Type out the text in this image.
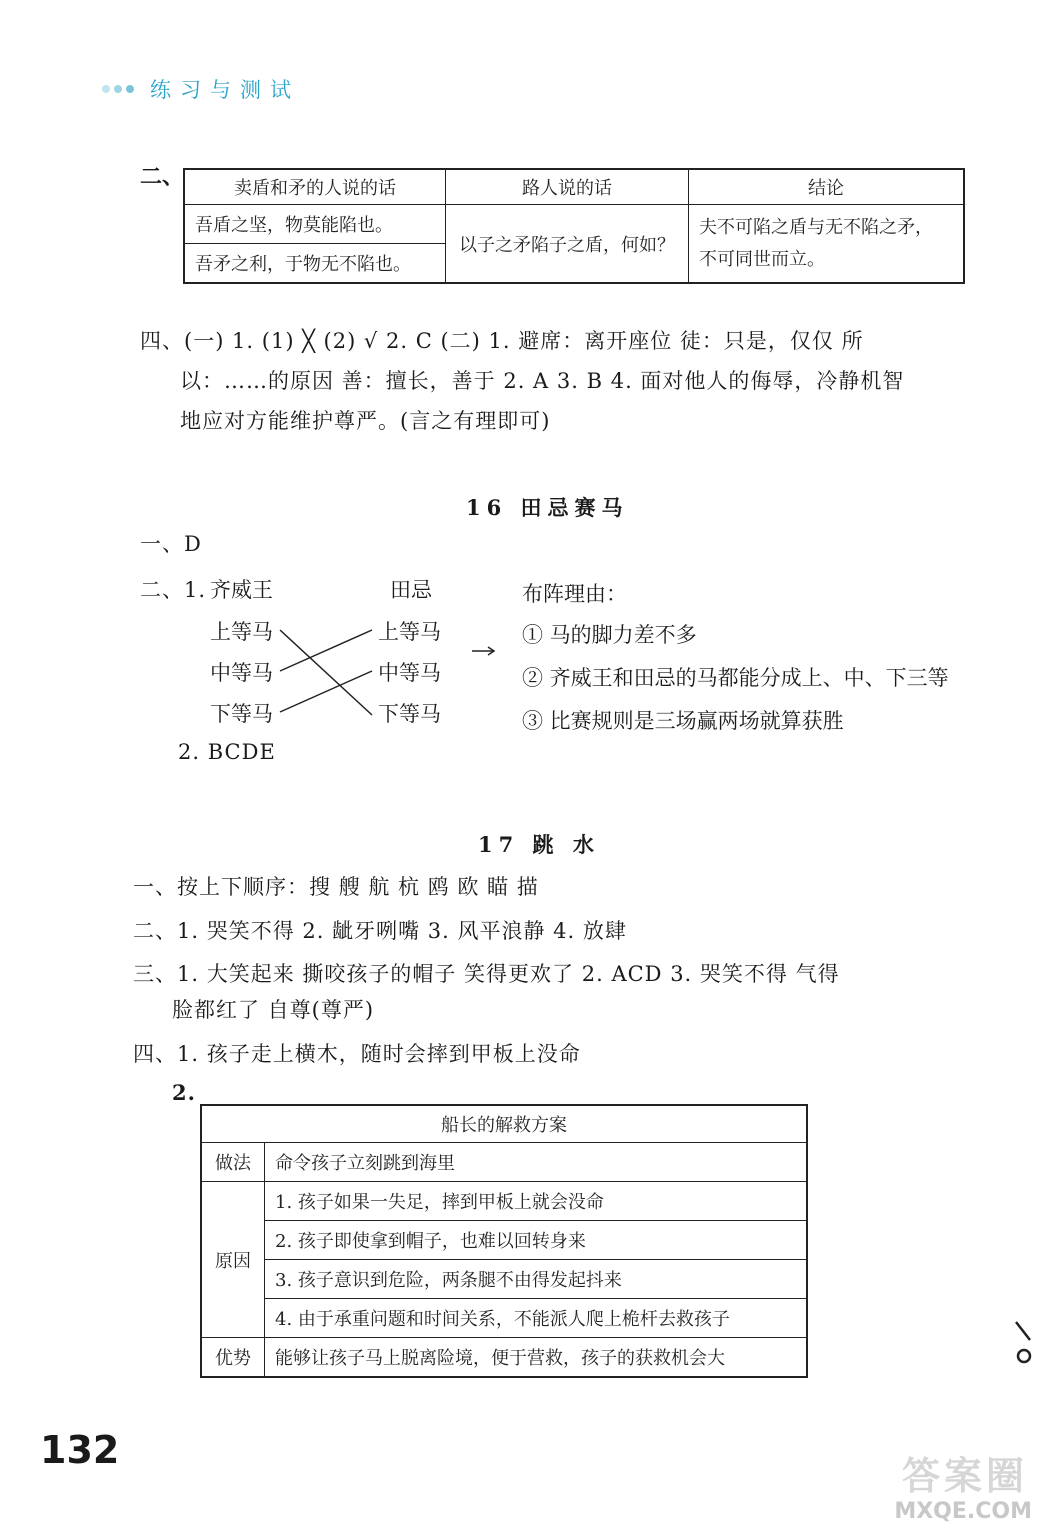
练习与测试
二、	卖盾和矛的人说的话	路人说的话	结论
吾盾之坚，物莫能陷也。	以子之矛陷子之盾，何如？	夫不可陷之盾与无不陷之矛，
不可同世而立。
吾矛之利，于物无不陷也。		
四、(一) 1. (1) ╳ (2) √ 2. C (二) 1. 避席：离开座位 徒：只是，仅仅 所
以：……的原因 善：擅长，善于 2. A 3. B 4. 面对他人的侮辱，冷静机智
地应对方能维护尊严。(言之有理即可)
16 田忌赛马
一、D
二、1. 齐威王	田忌
上等马
中等马
下等马
上等马
中等马
下等马
布阵理由：
① 马的脚力差不多
② 齐威王和田忌的马都能分成上、中、下三等
③ 比赛规则是三场赢两场就算获胜
2. BCDE
17 跳 水
一、按上下顺序：搜 艘 航 杭 鸥 欧 瞄 描
二、1. 哭笑不得 2. 龇牙咧嘴 3. 风平浪静 4. 放肆
三、1. 大笑起来 撕咬孩子的帽子 笑得更欢了 2. ACD 3. 哭笑不得 气得
脸都红了 自尊(尊严)
四、1. 孩子走上横木，随时会摔到甲板上没命
2.
船长的解救方案	
做法	命令孩子立刻跳到海里
原因	1. 孩子如果一失足，摔到甲板上就会没命
	2. 孩子即使拿到帽子，也难以回转身来
	3. 孩子意识到危险，两条腿不由得发起抖来
	4. 由于承重问题和时间关系，不能派人爬上桅杆去救孩子
优势	能够让孩子马上脱离险境，便于营救，孩子的获救机会大
132
答案圈
MXQE.COM
